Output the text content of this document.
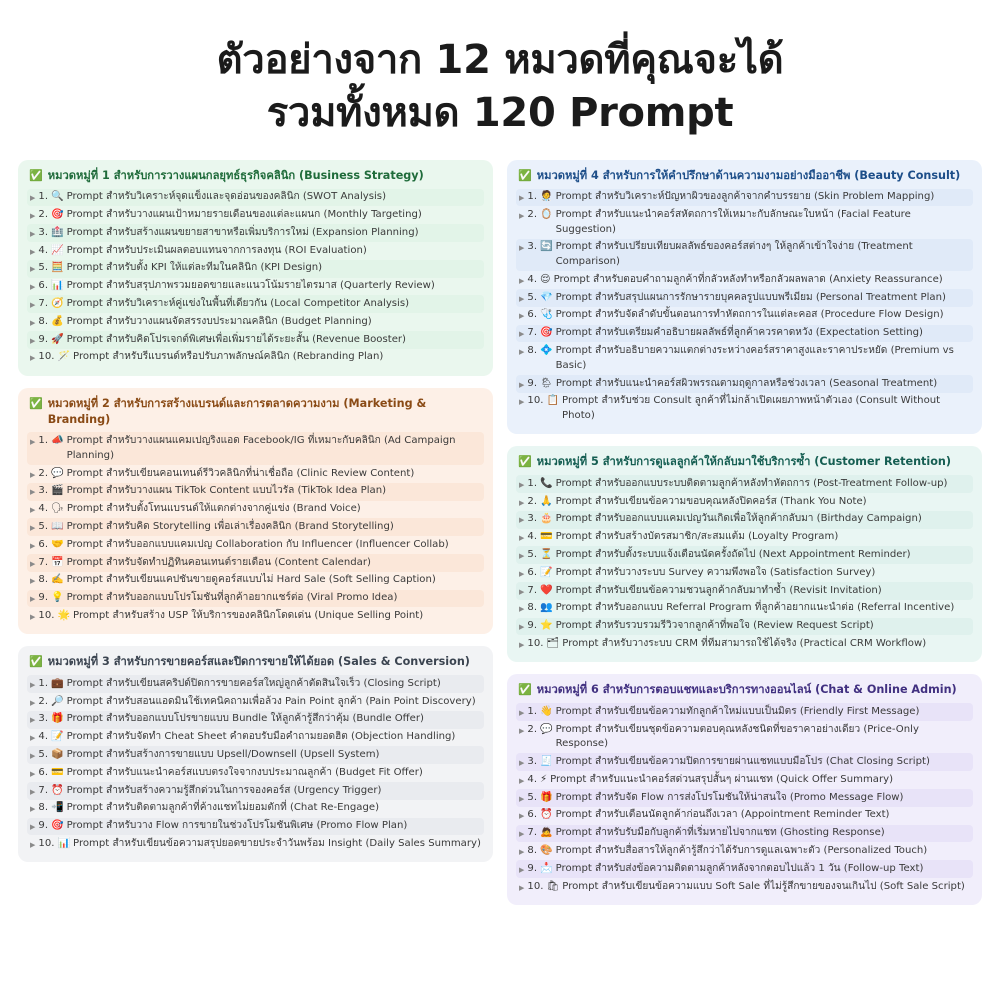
ตัวอย่างจาก 12 หมวดที่คุณจะได้
รวมทั้งหมด 120 Prompt
✅ หมวดหมู่ที่ 1 สำหรับการวางแผนกลยุทธ์ธุรกิจคลินิก (Business Strategy)
▶ 1. 🔍 Prompt สำหรับวิเคราะห์จุดแข็งและจุดอ่อนของคลินิก (SWOT Analysis)
▶ 2. 🎯 Prompt สำหรับวางแผนเป้าหมายรายเดือนของแต่ละแผนก (Monthly Targeting)
▶ 3. 🏥 Prompt สำหรับสร้างแผนขยายสาขาหรือเพิ่มบริการใหม่ (Expansion Planning)
▶ 4. 📈 Prompt สำหรับประเมินผลตอบแทนจากการลงทุน (ROI Evaluation)
▶ 5. 🧮 Prompt สำหรับตั้ง KPI ให้แต่ละทีมในคลินิก (KPI Design)
▶ 6. 📊 Prompt สำหรับสรุปภาพรวมยอดขายและแนวโน้มรายไตรมาส (Quarterly Review)
▶ 7. 🧭 Prompt สำหรับวิเคราะห์คู่แข่งในพื้นที่เดียวกัน (Local Competitor Analysis)
▶ 8. 💰 Prompt สำหรับวางแผนจัดสรรงบประมาณคลินิก (Budget Planning)
▶ 9. 🚀 Prompt สำหรับคิดโปรเจกต์พิเศษเพื่อเพิ่มรายได้ระยะสั้น (Revenue Booster)
▶ 10. 🪄 Prompt สำหรับรีแบรนด์หรือปรับภาพลักษณ์คลินิก (Rebranding Plan)
✅ หมวดหมู่ที่ 2 สำหรับการสร้างแบรนด์และการตลาดความงาม (Marketing & Branding)
▶ 1. 📣 Prompt สำหรับวางแผนแคมเปญริงแอด Facebook/IG ที่เหมาะกับคลินิก (Ad Campaign Planning)
▶ 2. 💬 Prompt สำหรับเขียนคอนเทนต์รีวิวคลินิกที่น่าเชื่อถือ (Clinic Review Content)
▶ 3. 🎬 Prompt สำหรับวางแผน TikTok Content แบบไวรัล (TikTok Idea Plan)
▶ 4. 🗣 Prompt สำหรับตั้งโทนแบรนด์ให้แตกต่างจากคู่แข่ง (Brand Voice)
▶ 5. 📖 Prompt สำหรับคิด Storytelling เพื่อเล่าเรื่องคลินิก (Brand Storytelling)
▶ 6. 🤝 Prompt สำหรับออกแบบแคมเปญ Collaboration กับ Influencer (Influencer Collab)
▶ 7. 📅 Prompt สำหรับจัดทำปฏิทินคอนเทนต์รายเดือน (Content Calendar)
▶ 8. ✍️ Prompt สำหรับเขียนแคปชันขายดูคอร์สแบบไม่ Hard Sale (Soft Selling Caption)
▶ 9. 💡 Prompt สำหรับออกแบบโปรโมชันที่ลูกค้าอยากแชร์ต่อ (Viral Promo Idea)
▶ 10. 🌟 Prompt สำหรับสร้าง USP ให้บริการของคลินิกโดดเด่น (Unique Selling Point)
✅ หมวดหมู่ที่ 3 สำหรับการขายคอร์สและปิดการขายให้ได้ยอด (Sales & Conversion)
▶ 1. 💼 Prompt สำหรับเขียนสคริปต์ปิดการขายคอร์สใหญ่ลูกค้าตัดสินใจเร็ว (Closing Script)
▶ 2. 🔎 Prompt สำหรับสอนแอดมินใช้เทคนิคถามเพื่อล้วง Pain Point ลูกค้า (Pain Point Discovery)
▶ 3. 🎁 Prompt สำหรับออกแบบโปรขายแบบ Bundle ให้ลูกค้ารู้สึกว่าคุ้ม (Bundle Offer)
▶ 4. 📝 Prompt สำหรับจัดทำ Cheat Sheet คำตอบรับมือคำถามยอดฮิต (Objection Handling)
▶ 5. 📦 Prompt สำหรับสร้างการขายแบบ Upsell/Downsell (Upsell System)
▶ 6. 💳 Prompt สำหรับแนะนำคอร์สแบบตรงใจจากงบประมาณลูกค้า (Budget Fit Offer)
▶ 7. ⏰ Prompt สำหรับสร้างความรู้สึกด่วนในการจองคอร์ส (Urgency Trigger)
▶ 8. 📲 Prompt สำหรับติดตามลูกค้าที่ค้างแชทไม่ยอมตักที่ (Chat Re-Engage)
▶ 9. 🎯 Prompt สำหรับวาง Flow การขายในช่วงโปรโมชันพิเศษ (Promo Flow Plan)
▶ 10. 📊 Prompt สำหรับเขียนข้อความสรุปยอดขายประจำวันพร้อม Insight (Daily Sales Summary)
✅ หมวดหมู่ที่ 4 สำหรับการให้คำปรึกษาด้านความงามอย่างมืออาชีพ (Beauty Consult)
▶ 1. 🧑‍⚕️ Prompt สำหรับวิเคราะห์ปัญหาผิวของลูกค้าจากคำบรรยาย (Skin Problem Mapping)
▶ 2. 🪞 Prompt สำหรับแนะนำคอร์สหัตถการให้เหมาะกับลักษณะใบหน้า (Facial Feature Suggestion)
▶ 3. 🔄 Prompt สำหรับเปรียบเทียบผลลัพธ์ของคอร์สต่างๆ ให้ลูกค้าเข้าใจง่าย (Treatment Comparison)
▶ 4. 😌 Prompt สำหรับตอบคำถามลูกค้าที่กลัวหลังทำหรือกลัวผลพลาด (Anxiety Reassurance)
▶ 5. 💎 Prompt สำหรับสรุปแผนการรักษารายบุคคลรูปแบบพรีเมียม (Personal Treatment Plan)
▶ 6. 🩺 Prompt สำหรับจัดลำดับขั้นตอนการทำหัตถการในแต่ละคอส (Procedure Flow Design)
▶ 7. 🎯 Prompt สำหรับเตรียมคำอธิบายผลลัพธ์ที่ลูกค้าควรคาดหวัง (Expectation Setting)
▶ 8. 💠 Prompt สำหรับอธิบายความแตกต่างระหว่างคอร์สราคาสูงและราคาประหยัด (Premium vs Basic)
▶ 9. 🌦 Prompt สำหรับแนะนำคอร์สผิวพรรณตามฤดูกาลหรือช่วงเวลา (Seasonal Treatment)
▶ 10. 📋 Prompt สำหรับช่วย Consult ลูกค้าที่ไม่กล้าเปิดเผยภาพหน้าตัวเอง (Consult Without Photo)
✅ หมวดหมู่ที่ 5 สำหรับการดูแลลูกค้าให้กลับมาใช้บริการซ้ำ (Customer Retention)
▶ 1. 📞 Prompt สำหรับออกแบบระบบติดตามลูกค้าหลังทำหัตถการ (Post-Treatment Follow-up)
▶ 2. 🙏 Prompt สำหรับเขียนข้อความขอบคุณหลังปิดคอร์ส (Thank You Note)
▶ 3. 🎂 Prompt สำหรับออกแบบแคมเปญวันเกิดเพื่อให้ลูกค้ากลับมา (Birthday Campaign)
▶ 4. 💳 Prompt สำหรับสร้างบัตรสมาชิก/สะสมแต้ม (Loyalty Program)
▶ 5. ⏳ Prompt สำหรับตั้งระบบแจ้งเตือนนัดครั้งถัดไป (Next Appointment Reminder)
▶ 6. 📝 Prompt สำหรับวางระบบ Survey ความพึงพอใจ (Satisfaction Survey)
▶ 7. ❤️ Prompt สำหรับเขียนข้อความชวนลูกค้ากลับมาทำซ้ำ (Revisit Invitation)
▶ 8. 👥 Prompt สำหรับออกแบบ Referral Program ที่ลูกค้าอยากแนะนำต่อ (Referral Incentive)
▶ 9. ⭐ Prompt สำหรับรวบรวมรีวิวจากลูกค้าที่พอใจ (Review Request Script)
▶ 10. 🗂 Prompt สำหรับวางระบบ CRM ที่ทีมสามารถใช้ได้จริง (Practical CRM Workflow)
✅ หมวดหมู่ที่ 6 สำหรับการตอบแชทและบริการทางออนไลน์ (Chat & Online Admin)
▶ 1. 👋 Prompt สำหรับเขียนข้อความทักลูกค้าใหม่แบบเป็นมิตร (Friendly First Message)
▶ 2. 💬 Prompt สำหรับเขียนชุดข้อความตอบคุณหลังชนิดที่ขอราคาอย่างเดียว (Price-Only Response)
▶ 3. 🧾 Prompt สำหรับเขียนข้อความปิดการขายผ่านแชทแบบมือโปร (Chat Closing Script)
▶ 4. ⚡ Prompt สำหรับแนะนำคอร์สด่วนสรุปสั้นๆ ผ่านแชท (Quick Offer Summary)
▶ 5. 🎁 Prompt สำหรับจัด Flow การส่งโปรโมชันให้น่าสนใจ (Promo Message Flow)
▶ 6. ⏰ Prompt สำหรับเตือนนัดลูกค้าก่อนถึงเวลา (Appointment Reminder Text)
▶ 7. 🙇 Prompt สำหรับรับมือกับลูกค้าที่เริ่มหายไปจากแชท (Ghosting Response)
▶ 8. 🎨 Prompt สำหรับสื่อสารให้ลูกค้ารู้สึกว่าได้รับการดูแลเฉพาะตัว (Personalized Touch)
▶ 9. 📩 Prompt สำหรับส่งข้อความติดตามลูกค้าหลังจากตอบไปแล้ว 1 วัน (Follow-up Text)
▶ 10. 🛍 Prompt สำหรับเขียนข้อความแบบ Soft Sale ที่ไม่รู้สึกขายของจนเกินไป (Soft Sale Script)
